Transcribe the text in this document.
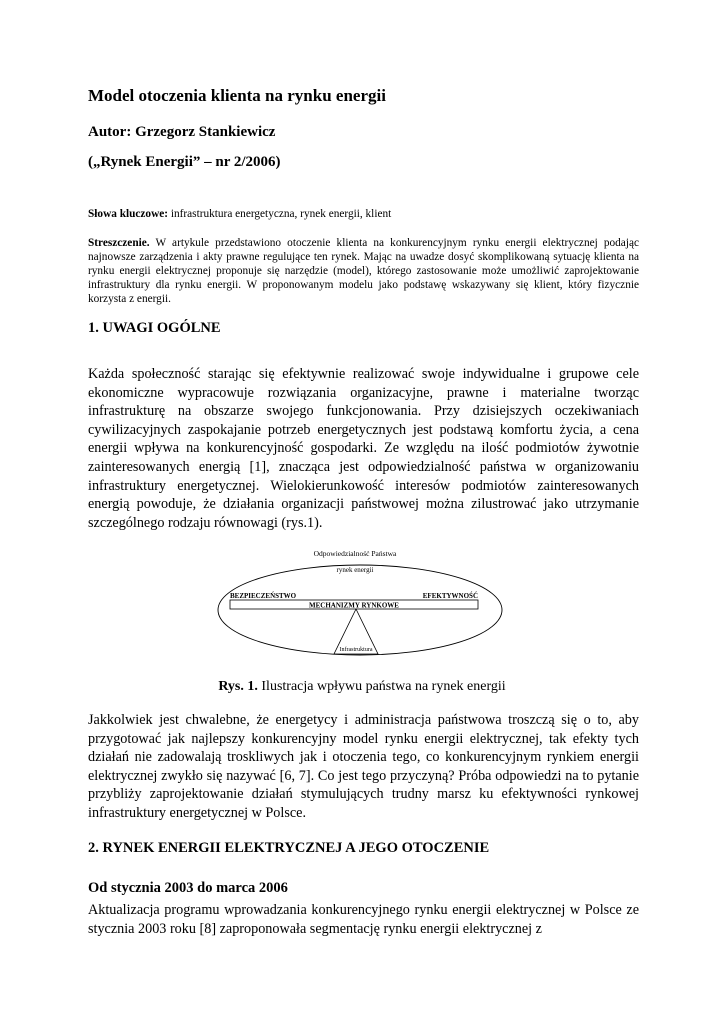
Model otoczenia klienta na rynku energii

Autor: Grzegorz Stankiewicz

(„Rynek Energii” – nr 2/2006)

Słowa kluczowe: infrastruktura energetyczna, rynek energii, klient

Streszczenie. W artykule przedstawiono otoczenie klienta na konkurencyjnym rynku energii elektrycznej podając najnowsze zarządzenia i akty prawne regulujące ten rynek. Mając na uwadze dosyć skomplikowaną sytuację klienta na rynku energii elektrycznej proponuje się narzędzie (model), którego zastosowanie może umożliwić zaprojektowanie infrastruktury dla rynku energii. W proponowanym modelu jako podstawę wskazywany się klient, który fizycznie korzysta z energii.

1. UWAGI OGÓLNE

Każda społeczność starając się efektywnie realizować swoje indywidualne i grupowe cele ekonomiczne wypracowuje rozwiązania organizacyjne, prawne i materialne tworząc infrastrukturę na obszarze swojego funkcjonowania. Przy dzisiejszych oczekiwaniach cywilizacyjnych zaspokajanie potrzeb energetycznych jest podstawą komfortu życia, a cena energii wpływa na konkurencyjność gospodarki. Ze względu na ilość podmiotów żywotnie zainteresowanych energią [1], znacząca jest odpowiedzialność państwa w organizowaniu infrastruktury energetycznej. Wielokierunkowość interesów podmiotów zainteresowanych energią powoduje, że działania organizacji państwowej można zilustrować jako utrzymanie szczególnego rodzaju równowagi (rys.1).

Odpowiedzialność Państwa
rynek energii
BEZPIECZEŃSTWO	EFEKTYWNOŚĆ
MECHANIZMY RYNKOWE
Infrastruktura

Rys. 1. Ilustracja wpływu państwa na rynek energii

Jakkolwiek jest chwalebne, że energetycy i administracja państwowa troszczą się o to, aby przygotować jak najlepszy konkurencyjny model rynku energii elektrycznej, tak efekty tych działań nie zadowalają troskliwych jak i otoczenia tego, co konkurencyjnym rynkiem energii elektrycznej zwykło się nazywać [6, 7]. Co jest tego przyczyną? Próba odpowiedzi na to pytanie przybliży zaprojektowanie działań stymulujących trudny marsz ku efektywności rynkowej infrastruktury energetycznej w Polsce.

2. RYNEK ENERGII ELEKTRYCZNEJ A JEGO OTOCZENIE
Od stycznia 2003 do marca 2006

Aktualizacja programu wprowadzania konkurencyjnego rynku energii elektrycznej w Polsce ze stycznia 2003 roku [8] zaproponowała segmentację rynku energii elektrycznej z
